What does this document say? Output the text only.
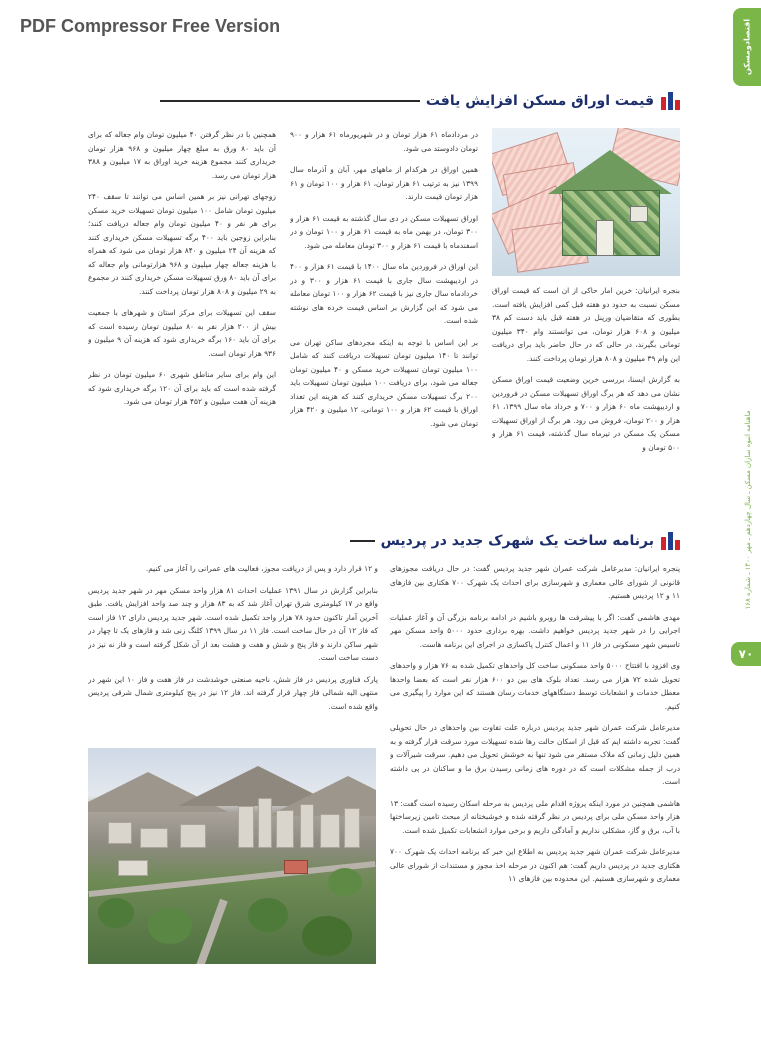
PDF Compressor Free Version	اقتصادومسکن
ماهنامه انبوه سازان مسکن ـ سال چهاردهم ـ مهر ۱۴۰۰ ـ شماره ۱۶۸
۷۰
قیمت اوراق مسکن افزایش یافت

بنجره ایرانیان: خرین امار حاکی از ان است که قیمت اوراق مسکن نسبت به حدود دو هفته قبل کمی افزایش یافته است. بطوری که متقاضیان ورپنل در هفته قبل باید دست کم ۳۸ میلیون و ۶۰۸ هزار تومان، می توانستند وام ۳۴۰ میلیون تومانی بگیرند، در حالی که در حال حاضر باید برای دریافت این وام ۳۹ میلیون و ۸۰۸ هزار تومان پرداخت کنند.

به گزارش ایسنا، بررسی خرین وضعیت قیمت اوراق مسکن نشان می دهد که هر برگ اوراق تسهیلات مسکن در فروردین و اردیبهشت ماه ۶۰ هزار و ۷۰۰ و خرداد ماه سال ۱۳۹۹، ۶۱ هزار و ۲۰۰ تومان، فروش می رود. هر برگ از اوراق تسهیلات مسکن یک مسکن در تیرماه سال گذشته، قیمت ۶۱ هزار و ۵۰۰ تومان و

در مردادماه ۶۱ هزار تومان و در شهریورماه ۶۱ هزار و ۹۰۰ تومان دادوستد می شود.

همین اوراق در هرکدام از ماههای مهر، آبان و آذرماه سال ۱۳۹۹ نیز به ترتیب ۶۱ هزار تومان، ۶۱ هزار و ۱۰۰ تومان و ۶۱ هزار تومان قیمت دارند.

اوراق تسهیلات مسکن در دی سال گذشته به قیمت ۶۱ هزار و ۳۰۰ تومان، در بهمن ماه به قیمت ۶۱ هزار و ۱۰۰ تومان و در اسفندماه با قیمت ۶۱ هزار و ۳۰۰ تومان معامله می شود.

این اوراق در فروردین ماه سال ۱۴۰۰ با قیمت ۶۱ هزار و ۴۰۰ در اردیبهشت سال جاری با قیمت ۶۱ هزار و ۳۰۰ و در خردادماه سال جاری نیز با قیمت ۶۲ هزار و ۱۰۰ تومان معامله می شود که این گزارش بر اساس قیمت خرده های نوشته شده است.

بر این اساس با توجه به اینکه مجردهای ساکن تهران می توانند تا ۱۴۰ میلیون تومان تسهیلات دریافت کنند که شامل ۱۰۰ میلیون تومان تسهیلات خرید مسکن و ۴۰ میلیون تومان جعاله می شود، برای دریافت ۱۰۰ میلیون تومان تسهیلات باید ۲۰۰ برگ تسهیلات مسکن خریداری کنند که هزینه این تعداد اوراق با قیمت ۶۲ هزار و ۱۰۰ تومانی، ۱۲ میلیون و ۴۲۰ هزار تومان می شود.

همچنین با در نظر گرفتن ۴۰ میلیون تومان وام جعاله که برای آن باید ۸۰ ورق به مبلغ چهار میلیون و ۹۶۸ هزار تومان خریداری کنند مجموع هزینه خرید اوراق به ۱۷ میلیون و ۳۸۸ هزار تومان می رسد.

زوجهای تهرانی نیز بر همین اساس می توانند تا سقف ۲۴۰ میلیون تومان شامل ۱۰۰ میلیون تومان تسهیلات خرید مسکن برای هر نفر و ۴۰ میلیون تومان وام جعاله دریافت کنند؛ بنابراین زوجین باید ۴۰۰ برگه تسهیلات مسکن خریداری کنند که هزینه آن ۲۴ میلیون و ۸۴۰ هزار تومان می شود که همراه با هزینه جعاله چهار میلیون و ۹۶۸ هزارتومانی وام جعاله که برای آن باید ۸۰ ورق تسهیلات مسکن خریداری کنند در مجموع به ۲۹ میلیون و ۸۰۸ هزار تومان پرداخت کنند.

سقف این تسهیلات برای مرکز استان و شهرهای با جمعیت بیش از ۲۰۰ هزار نفر به ۸۰ میلیون تومان رسیده است که برای آن باید ۱۶۰ برگه خریداری شود که هزینه آن ۹ میلیون و ۹۳۶ هزار تومان است.

این وام برای سایر مناطق شهری ۶۰ میلیون تومان در نظر گرفته شده است که باید برای آن ۱۲۰ برگه خریداری شود که هزینه آن هفت میلیون و ۴۵۲ هزار تومان می شود.

برنامه ساخت یک شهرک جدید در پردیس

پنجره ایرانیان: مدیرعامل شرکت عمران شهر جدید پردیس گفت: در حال دریافت مجوزهای قانونی از شورای عالی معماری و شهرسازی برای احداث یک شهرک ۷۰۰ هکتاری بین فازهای ۱۱ و ۱۲ پردیس هستیم.

مهدی هاشمی گفت: اگر با پیشرفت ها روبرو باشیم در ادامه برنامه بزرگی آن و آغاز عملیات اجرایی را در شهر جدید پردیس خواهیم داشت. بهره برداری حدود ۵۰۰۰ واحد مسکن مهر تاسیس شهر مسکونی در فاز ۱۱ و اعمال کنترل پاکسازی در اجرای این برنامه هاست.

وی افزود با افتتاح ۵۰۰۰ واحد مسکونی ساخت کل واحدهای تکمیل شده به ۷۶ هزار و واحدهای تحویل شده ۷۲ هزار می رسد. تعداد بلوک های بین دو ۶۰۰ هزار نفر است که بعضا واحدها معطل خدمات و انشعابات توسط دستگاههای خدمات رسان هستند که این موارد را پیگیری می کنیم.

مدیرعامل شرکت عمران شهر جدید پردیس درباره علت تفاوت بین واحدهای در حال تحویلی گفت: تجربه داشته ایم که قبل از اسکان حالت رها شده تسهیلات مورد سرقت قرار گرفته و به همین دلیل زمانی که ملاک مستقر می شود تنها به خوشش تحویل می دهیم. سرقت شیرآلات و درب از جمله مشکلات است که در دوره های زمانی رسیدن برق ما و ساکنان در پی داشته است.

هاشمی همچنین در مورد اینکه پروژه اقدام ملی پردیس به مرحله اسکان رسیده است گفت: ۱۳ هزار واحد مسکن ملی برای پردیس در نظر گرفته شده و خوشبختانه از مبحث تامین زیرساختها با آب، برق و گاز، مشکلی نداریم و آمادگی داریم و برخی موارد انشعابات تکمیل شده است.

مدیرعامل شرکت عمران شهر جدید پردیس به اطلاع این خبر که برنامه احداث یک شهرک ۷۰۰ هکتاری جدید در پردیس داریم گفت: هم اکنون در مرحله اخذ مجوز و مستندات از شورای عالی معماری و شهرسازی هستیم. این محدوده بین فازهای ۱۱

و ۱۲ قرار دارد و پس از دریافت مجوز، فعالیت های عمرانی را آغاز می کنیم.

بنابراین گزارش در سال ۱۳۹۱ عملیات احداث ۸۱ هزار واحد مسکن مهر در شهر جدید پردیس واقع در ۱۷ کیلومتری شرق تهران آغاز شد که به ۸۳ هزار و چند صد واحد افزایش یافت. طبق آخرین آمار تاکنون حدود ۷۸ هزار واحد تکمیل شده است. شهر جدید پردیس دارای ۱۲ فاز است که فاز ۱۲ آن در حال ساخت است. فاز ۱۱ در سال ۱۳۹۹ کلنگ زنی شد و فازهای یک تا چهار در شهر ساکن دارند و فاز پنج و شش و هفت و هشت بعد از آن شکل گرفته است و فاز نه نیز در دست ساخت است.

پارک فناوری پردیس در فاز شش، ناحیه صنعتی خوشدشت در فاز هفت و فاز ۱۰ این شهر در منتهی الیه شمالی فاز چهار قرار گرفته اند. فاز ۱۲ نیز در پنج کیلومتری شمال شرقی پردیس واقع شده است.
